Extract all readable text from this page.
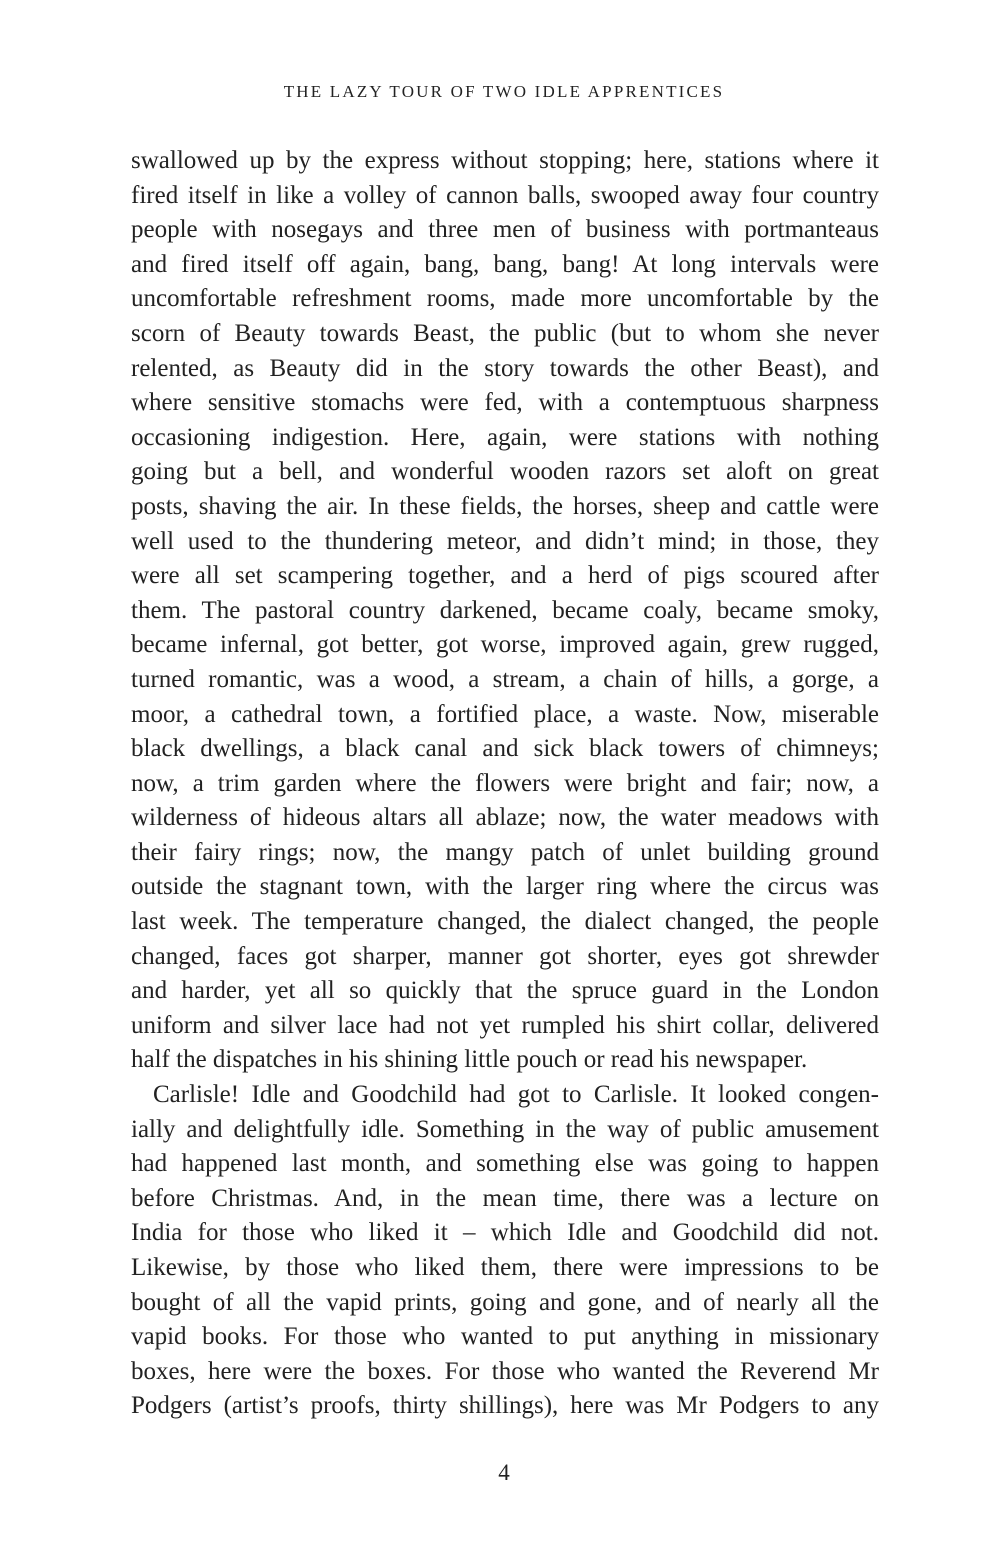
THE LAZY TOUR OF TWO IDLE APPRENTICES
swallowed up by the express without stopping; here, stations where it
fired itself in like a volley of cannon balls, swooped away four country
people with nosegays and three men of business with portmanteaus
and fired itself off again, bang, bang, bang! At long intervals were
uncomfortable refreshment rooms, made more uncomfortable by the
scorn of Beauty towards Beast, the public (but to whom she never
relented, as Beauty did in the story towards the other Beast), and
where sensitive stomachs were fed, with a contemptuous sharpness
occasioning indigestion. Here, again, were stations with nothing
going but a bell, and wonderful wooden razors set aloft on great
posts, shaving the air. In these fields, the horses, sheep and cattle were
well used to the thundering meteor, and didn’t mind; in those, they
were all set scampering together, and a herd of pigs scoured after
them. The pastoral country darkened, became coaly, became smoky,
became infernal, got better, got worse, improved again, grew rugged,
turned romantic, was a wood, a stream, a chain of hills, a gorge, a
moor, a cathedral town, a fortified place, a waste. Now, miserable
black dwellings, a black canal and sick black towers of chimneys;
now, a trim garden where the flowers were bright and fair; now, a
wilderness of hideous altars all ablaze; now, the water meadows with
their fairy rings; now, the mangy patch of unlet building ground
outside the stagnant town, with the larger ring where the circus was
last week. The temperature changed, the dialect changed, the people
changed, faces got sharper, manner got shorter, eyes got shrewder
and harder, yet all so quickly that the spruce guard in the London
uniform and silver lace had not yet rumpled his shirt collar, delivered
half the dispatches in his shining little pouch or read his newspaper.
Carlisle! Idle and Goodchild had got to Carlisle. It looked congen-
ially and delightfully idle. Something in the way of public amusement
had happened last month, and something else was going to happen
before Christmas. And, in the mean time, there was a lecture on
India for those who liked it – which Idle and Goodchild did not.
Likewise, by those who liked them, there were impressions to be
bought of all the vapid prints, going and gone, and of nearly all the
vapid books. For those who wanted to put anything in missionary
boxes, here were the boxes. For those who wanted the Reverend Mr
Podgers (artist’s proofs, thirty shillings), here was Mr Podgers to any
4
